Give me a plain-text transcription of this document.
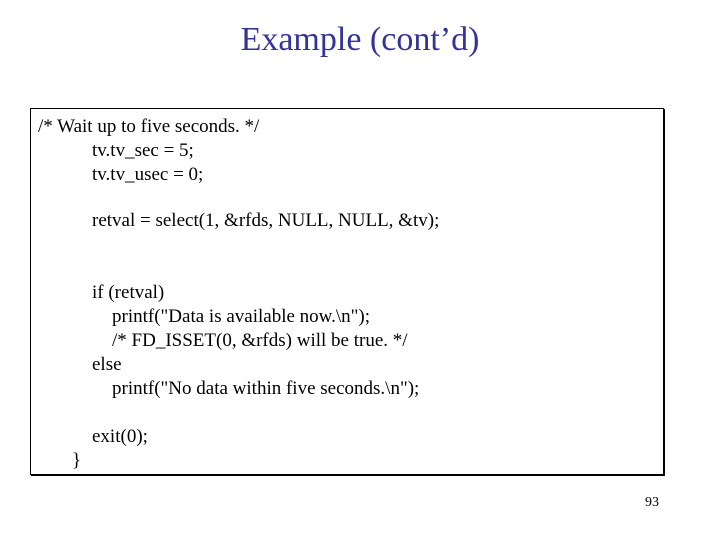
Example (cont’d)
/* Wait up to five seconds. */
tv.tv_sec = 5;
tv.tv_usec = 0;
retval = select(1, &rfds, NULL, NULL, &tv);
if (retval)
printf("Data is available now.\n");
/* FD_ISSET(0, &rfds) will be true. */
else
printf("No data within five seconds.\n");
exit(0);
}
93
